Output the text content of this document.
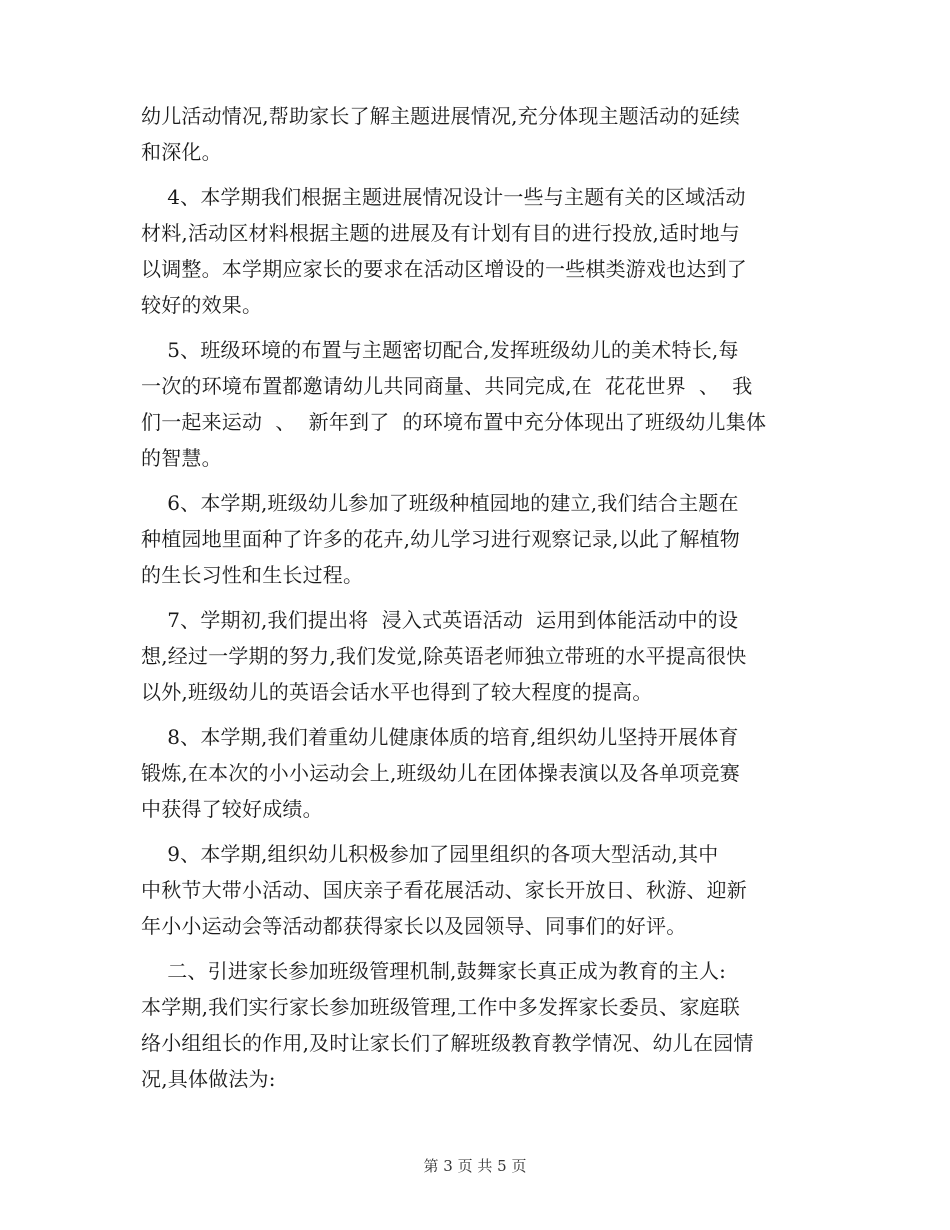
幼儿活动情况,帮助家长了解主题进展情况,充分体现主题活动的延续
和深化。
4、本学期我们根据主题进展情况设计一些与主题有关的区域活动
材料,活动区材料根据主题的进展及有计划有目的进行投放,适时地与
以调整。本学期应家长的要求在活动区增设的一些棋类游戏也达到了
较好的效果。
5、班级环境的布置与主题密切配合,发挥班级幼儿的美术特长,每
一次的环境布置都邀请幼儿共同商量、共同完成,在  花花世界  、  我
们一起来运动  、  新年到了  的环境布置中充分体现出了班级幼儿集体
的智慧。
6、本学期,班级幼儿参加了班级种植园地的建立,我们结合主题在
种植园地里面种了许多的花卉,幼儿学习进行观察记录,以此了解植物
的生长习性和生长过程。
7、学期初,我们提出将  浸入式英语活动  运用到体能活动中的设
想,经过一学期的努力,我们发觉,除英语老师独立带班的水平提高很快
以外,班级幼儿的英语会话水平也得到了较大程度的提高。
8、本学期,我们着重幼儿健康体质的培育,组织幼儿坚持开展体育
锻炼,在本次的小小运动会上,班级幼儿在团体操表演以及各单项竞赛
中获得了较好成绩。
9、本学期,组织幼儿积极参加了园里组织的各项大型活动,其中
中秋节大带小活动、国庆亲子看花展活动、家长开放日、秋游、迎新
年小小运动会等活动都获得家长以及园领导、同事们的好评。
二、引进家长参加班级管理机制,鼓舞家长真正成为教育的主人:
本学期,我们实行家长参加班级管理,工作中多发挥家长委员、家庭联
络小组组长的作用,及时让家长们了解班级教育教学情况、幼儿在园情
况,具体做法为:
第 3 页 共 5 页
